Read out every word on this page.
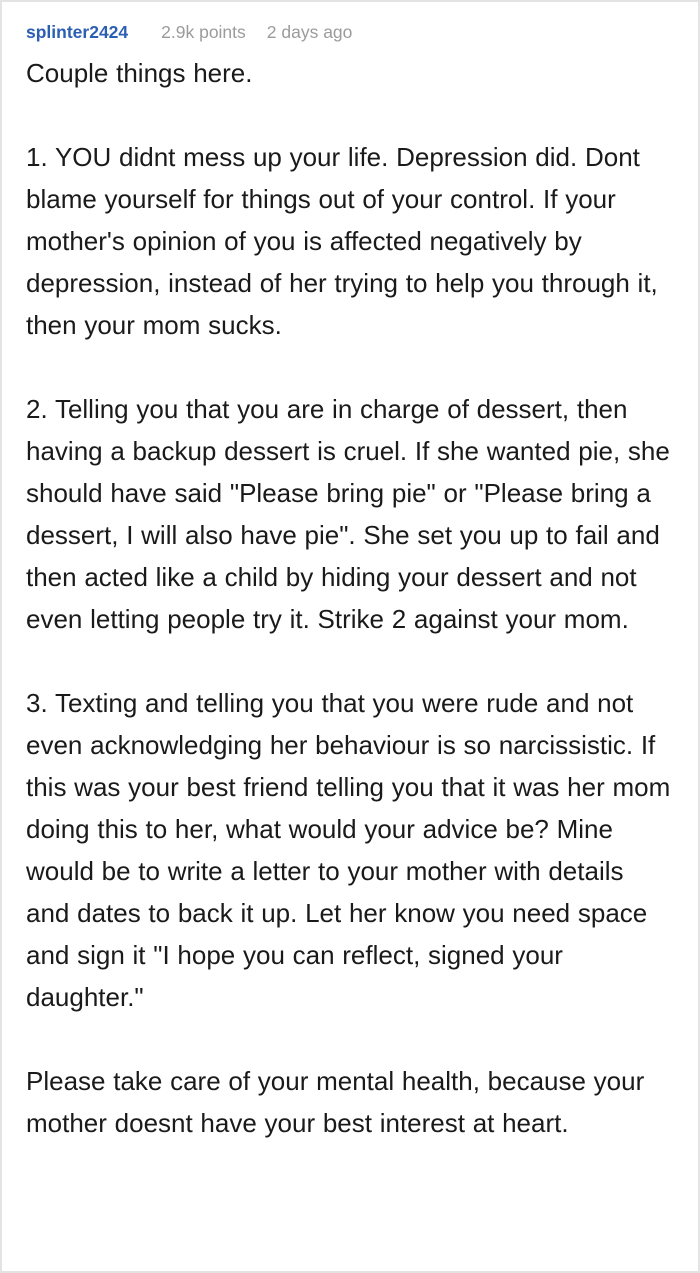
splinter2424 2.9k points 2 days ago

Couple things here.

1. YOU didnt mess up your life. Depression did. Dont blame yourself for things out of your control. If your mother's opinion of you is affected negatively by depression, instead of her trying to help you through it, then your mom sucks.

2. Telling you that you are in charge of dessert, then having a backup dessert is cruel. If she wanted pie, she should have said "Please bring pie" or "Please bring a dessert, I will also have pie". She set you up to fail and then acted like a child by hiding your dessert and not even letting people try it. Strike 2 against your mom.

3. Texting and telling you that you were rude and not even acknowledging her behaviour is so narcissistic. If this was your best friend telling you that it was her mom doing this to her, what would your advice be? Mine would be to write a letter to your mother with details and dates to back it up. Let her know you need space and sign it "I hope you can reflect, signed your daughter."

Please take care of your mental health, because your mother doesnt have your best interest at heart.
